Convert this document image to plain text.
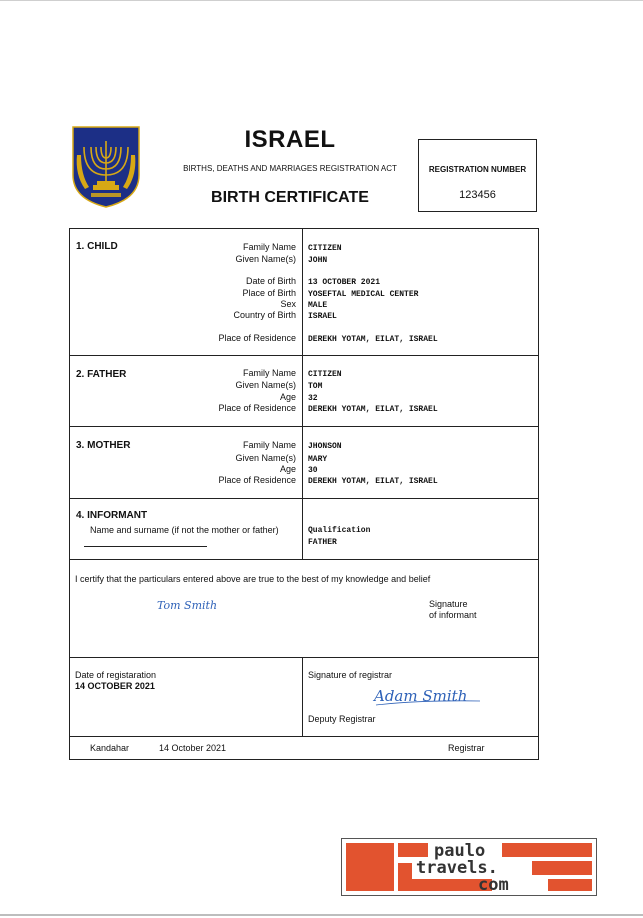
ISRAEL
BIRTHS, DEATHS AND MARRIAGES REGISTRATION ACT
BIRTH CERTIFICATE
REGISTRATION NUMBER
123456
1. CHILD	Family Name CITIZEN
Given Name(s) JOHN
Date of Birth 13 OCTOBER 2021
Place of Birth YOSEFTAL MEDICAL CENTER
Sex MALE
Country of Birth ISRAEL
Place of Residence DEREKH YOTAM, EILAT, ISRAEL
2. FATHER	Family Name CITIZEN
Given Name(s) TOM
Age 32
Place of Residence DEREKH YOTAM, EILAT, ISRAEL
3. MOTHER	Family Name JHONSON
Given Name(s) MARY
Age 30
Place of Residence DEREKH YOTAM, EILAT, ISRAEL
4. INFORMANT
Name and surname (if not the mother or father)	Qualification
FATHER
I certify that the particulars entered above are true to the best of my knowledge and belief
Tom Smith	Signature
of informant
Date of registaration
14 OCTOBER 2021
Signature of registrar
Adam Smith
Deputy Registrar
Kandahar	14 October 2021	Registrar
paulo
travels.
com
